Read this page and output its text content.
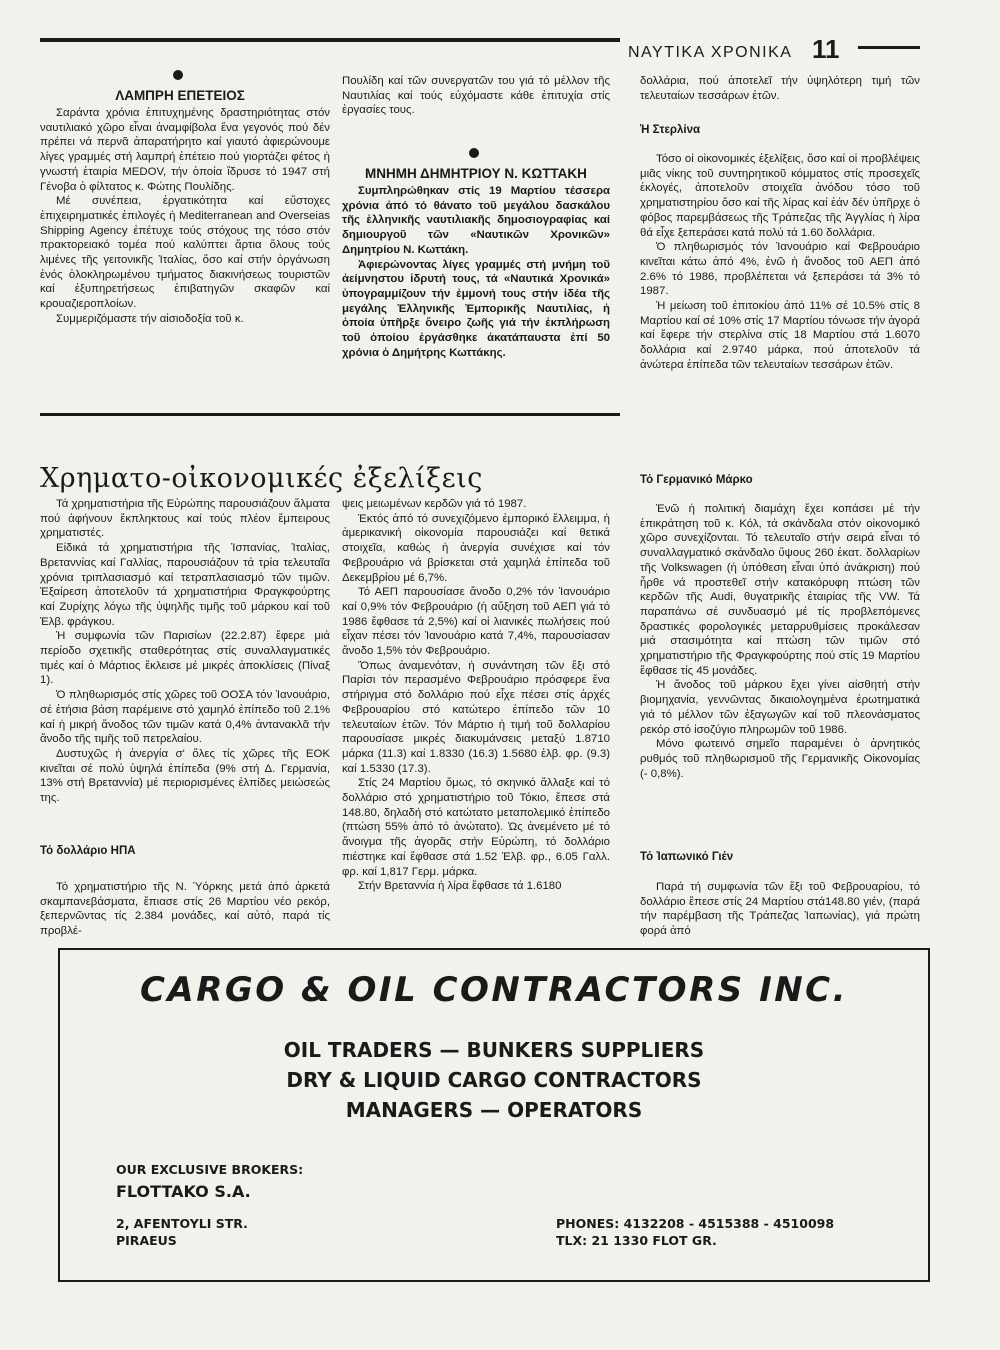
ΝΑΥΤΙΚΑ ΧΡΟΝΙΚΑ 11
ΛΑΜΠΡΗ ΕΠΕΤΕΙΟΣ

Σαράντα χρόνια ἐπιτυχημένης δραστηριότητας στόν ναυτιλιακό χῶρο εἶναι ἀναμφίβολα ἕνα γεγονός πού δέν πρέπει νά περνᾶ ἀπαρατήρητο καί γιαυτό ἀφιερώνουμε λίγες γραμμές στή λαμπρή ἐπέτειο πού γιορτάζει φέτος ἡ γνωστή ἑταιρία MEDOV, τήν ὁποία ἵδρυσε τό 1947 στή Γένοβα ὁ φίλτατος κ. Φώτης Πουλίδης.

Μέ συνέπεια, ἐργατικότητα καί εὔστοχες ἐπιχειρηματικές ἐπιλογές ἡ Mediterranean and Overseias Shipping Agency ἐπέτυχε τούς στόχους της τόσο στόν πρακτορειακό τομέα πού καλύπτει ἄρτια ὅλους τούς λιμένες τῆς γειτονικῆς Ἰταλίας, ὅσο καί στήν ὀργάνωση ἑνός ὁλοκληρωμένου τμήματος διακινήσεως τουριστῶν καί ἐξυπηρετήσεως ἐπιβατηγῶν σκαφῶν καί κρουαζιεροπλοίων.

Συμμεριζόμαστε τήν αἰσιοδοξία τοῦ κ.

Πουλίδη καί τῶν συνεργατῶν του γιά τό μέλλον τῆς Ναυτιλίας καί τούς εὐχόμαστε κάθε ἐπιτυχία στίς ἐργασίες τους.

ΜΝΗΜΗ ΔΗΜΗΤΡΙΟΥ Ν. ΚΩΤΤΑΚΗ

Συμπληρώθηκαν στίς 19 Μαρτίου τέσσερα χρόνια ἀπό τό θάνατο τοῦ μεγάλου δασκάλου τῆς ἑλληνικῆς ναυτιλιακῆς δημοσιογραφίας καί δημιουργοῦ τῶν «Ναυτικῶν Χρονικῶν» Δημητρίου Ν. Κωττάκη.

Ἀφιερώνοντας λίγες γραμμές στή μνήμη τοῦ ἀείμνηστου ἱδρυτή τους, τά «Ναυτικά Χρονικά» ὑπογραμμίζουν τήν ἐμμονή τους στήν ἰδέα τῆς μεγάλης Ἑλληνικῆς Ἐμπορικῆς Ναυτιλίας, ἡ ὁποία ὑπῆρξε ὄνειρο ζωῆς γιά τήν ἐκπλήρωση τοῦ ὁποίου ἐργάσθηκε ἀκατάπαυστα ἐπί 50 χρόνια ὁ Δημήτρης Κωττάκης.

δολλάρια, πού ἀποτελεῖ τήν ὑψηλότερη τιμή τῶν τελευταίων τεσσάρων ἐτῶν.

Ἡ Στερλίνα

Τόσο οἱ οἰκονομικές ἐξελίξεις, ὅσο καί οἱ προβλέψεις μιᾶς νίκης τοῦ συντηρητικοῦ κόμματος στίς προσεχεῖς ἐκλογές, ἀποτελοῦν στοιχεῖα ἀνόδου τόσο τοῦ χρηματιστηρίου ὅσο καί τῆς λίρας καί ἐάν δέν ὑπῆρχε ὁ φόβος παρεμβάσεως τῆς Τράπεζας τῆς Ἀγγλίας ἡ λίρα θά εἶχε ξεπεράσει κατά πολύ τά 1.60 δολλάρια.

Ὁ πληθωρισμός τόν Ἰανουάριο καί Φεβρουάριο κινεῖται κάτω ἀπό 4%, ἐνῶ ἡ ἄνοδος τοῦ ΑΕΠ ἀπό 2.6% τό 1986, προβλέπεται νά ξεπεράσει τά 3% τό 1987.

Ἡ μείωση τοῦ ἐπιτοκίου ἀπό 11% σέ 10.5% στίς 8 Μαρτίου καί σέ 10% στίς 17 Μαρτίου τόνωσε τήν ἀγορά καί ἔφερε τήν στερλίνα στίς 18 Μαρτίου στά 1.6070 δολλάρια καί 2.9740 μάρκα, πού ἀποτελοῦν τά ἀνώτερα ἐπίπεδα τῶν τελευταίων τεσσάρων ἐτῶν.

Χρηματο-οἰκονομικές ἐξελίξεις

Τά χρηματιστήρια τῆς Εὐρώπης παρουσιάζουν ἅλματα πού ἀφήνουν ἔκπληκτους καί τούς πλέον ἔμπειρους χρηματιστές.

Εἰδικά τά χρηματιστήρια τῆς Ἱσπανίας, Ἰταλίας, Βρεταννίας καί Γαλλίας, παρουσιάζουν τά τρία τελευταῖα χρόνια τριπλασιασμό καί τετραπλασιασμό τῶν τιμῶν. Ἐξαίρεση ἀποτελοῦν τά χρηματιστήρια Φραγκφούρτης καί Ζυρίχης λόγω τῆς ὑψηλῆς τιμῆς τοῦ μάρκου καί τοῦ Ἐλβ. φράγκου.

Ἡ συμφωνία τῶν Παρισίων (22.2.87) ἔφερε μιά περίοδο σχετικῆς σταθερότητας στίς συναλλαγματικές τιμές καί ὁ Μάρτιος ἔκλεισε μέ μικρές ἀποκλίσεις (Πίναξ 1).

Ὁ πληθωρισμός στίς χῶρες τοῦ ΟΟΣΑ τόν Ἰανουάριο, σέ ἐτήσια βάση παρέμεινε στό χαμηλό ἐπίπεδο τοῦ 2.1% καί ἡ μικρή ἄνοδος τῶν τιμῶν κατά 0,4% ἀντανακλᾶ τήν ἄνοδο τῆς τιμῆς τοῦ πετρελαίου.

Δυστυχῶς ἡ ἀνεργία σ' ὅλες τίς χῶρες τῆς ΕΟΚ κινεῖται σέ πολύ ὑψηλά ἐπίπεδα (9% στή Δ. Γερμανία, 13% στή Βρεταννία) μέ περιορισμένες ἐλπίδες μειώσεώς της.

Τό δολλάριο ΗΠΑ

Τό χρηματιστήριο τῆς Ν. Ὑόρκης μετά ἀπό ἀρκετά σκαμπανεβάσματα, ἔπιασε στίς 26 Μαρτίου νέο ρεκόρ, ξεπερνῶντας τίς 2.384 μονάδες, καί αὐτό, παρά τίς προβλέ-

ψεις μειωμένων κερδῶν γιά τό 1987.

Ἐκτός ἀπό τό συνεχιζόμενο ἐμπορικό ἔλλειμμα, ἡ ἀμερικανική οἰκονομία παρουσιάζει καί θετικά στοιχεῖα, καθώς ἡ ἀνεργία συνέχισε καί τόν Φεβρουάριο νά βρίσκεται στά χαμηλά ἐπίπεδα τοῦ Δεκεμβρίου μέ 6,7%.

Τό ΑΕΠ παρουσίασε ἄνοδο 0,2% τόν Ἰανουάριο καί 0,9% τόν Φεβρουάριο (ἡ αὔξηση τοῦ ΑΕΠ γιά τό 1986 ἔφθασε τά 2,5%) καί οἱ λιανικές πωλήσεις πού εἶχαν πέσει τόν Ἰανουάριο κατά 7,4%, παρουσίασαν ἄνοδο 1,5% τόν Φεβρουάριο.

Ὅπως ἀναμενόταν, ἡ συνάντηση τῶν ἕξι στό Παρίσι τόν περασμένο Φεβρουάριο πρόσφερε ἕνα στήριγμα στό δολλάριο πού εἶχε πέσει στίς ἀρχές Φεβρουαρίου στό κατώτερο ἐπίπεδο τῶν 10 τελευταίων ἐτῶν. Τόν Μάρτιο ἡ τιμή τοῦ δολλαρίου παρουσίασε μικρές διακυμάνσεις μεταξύ 1.8710 μάρκα (11.3) καί 1.8330 (16.3) 1.5680 ἐλβ. φρ. (9.3) καί 1.5330 (17.3).

Στίς 24 Μαρτίου ὅμως, τό σκηνικό ἄλλαξε καί τό δολλάριο στό χρηματιστήριο τοῦ Τόκιο, ἔπεσε στά 148.80, δηλαδή στό κατώτατο μεταπολεμικό ἐπίπεδο (πτώση 55% ἀπό τό ἀνώτατο). Ὡς ἀνεμένετο μέ τό ἄνοιγμα τῆς ἀγορᾶς στήν Εὐρώπη, τό δολλάριο πιέστηκε καί ἔφθασε στά 1.52 Ἐλβ. φρ., 6.05 Γαλλ. φρ. καί 1,817 Γερμ. μάρκα.

Στήν Βρεταννία ἡ λίρα ἔφθασε τά 1.6180

Τό Γερμανικό Μάρκο

Ἐνῶ ἡ πολιτική διαμάχη ἔχει κοπάσει μέ τήν ἐπικράτηση τοῦ κ. Κόλ, τά σκάνδαλα στόν οἰκονομικό χῶρο συνεχίζονται. Τό τελευταῖο στήν σειρά εἶναι τό συναλλαγματικό σκάνδαλο ὕψους 260 ἑκατ. δολλαρίων τῆς Volkswagen (ἡ ὑπόθεση εἶναι ὑπό ἀνάκριση) πού ἦρθε νά προστεθεῖ στήν κατακόρυφη πτώση τῶν κερδῶν τῆς Audi, θυγατρικῆς ἑταιρίας τῆς VW. Τά παραπάνω σέ συνδυασμό μέ τίς προβλεπόμενες δραστικές φορολογικές μεταρρυθμίσεις προκάλεσαν μιά στασιμότητα καί πτώση τῶν τιμῶν στό χρηματιστήριο τῆς Φραγκφούρτης πού στίς 19 Μαρτίου ἔφθασε τίς 45 μονάδες.

Ἡ ἄνοδος τοῦ μάρκου ἔχει γίνει αἰσθητή στήν βιομηχανία, γεννῶντας δικαιολογημένα ἐρωτηματικά γιά τό μέλλον τῶν ἐξαγωγῶν καί τοῦ πλεονάσματος ρεκόρ στό ἰσοζύγιο πληρωμῶν τοῦ 1986.

Μόνο φωτεινό σημεῖο παραμένει ὁ ἀρνητικός ρυθμός τοῦ πληθωρισμοῦ τῆς Γερμανικῆς Οἰκονομίας (- 0,8%).

Τό Ἰαπωνικό Γιέν

Παρά τή συμφωνία τῶν ἕξι τοῦ Φεβρουαρίου, τό δολλάριο ἔπεσε στίς 24 Μαρτίου στά148.80 γιέν, (παρά τήν παρέμβαση τῆς Τράπεζας Ἰαπωνίας), γιά πρώτη φορά ἀπό

CARGO & OIL CONTRACTORS INC.
OIL TRADERS — BUNKERS SUPPLIERS
DRY & LIQUID CARGO CONTRACTORS
MANAGERS — OPERATORS
OUR EXCLUSIVE BROKERS:
FLOTTAKO S.A.
2, AFENTOYLI STR.
PIRAEUS
PHONES: 4132208 - 4515388 - 4510098
TLX: 21 1330 FLOT GR.
